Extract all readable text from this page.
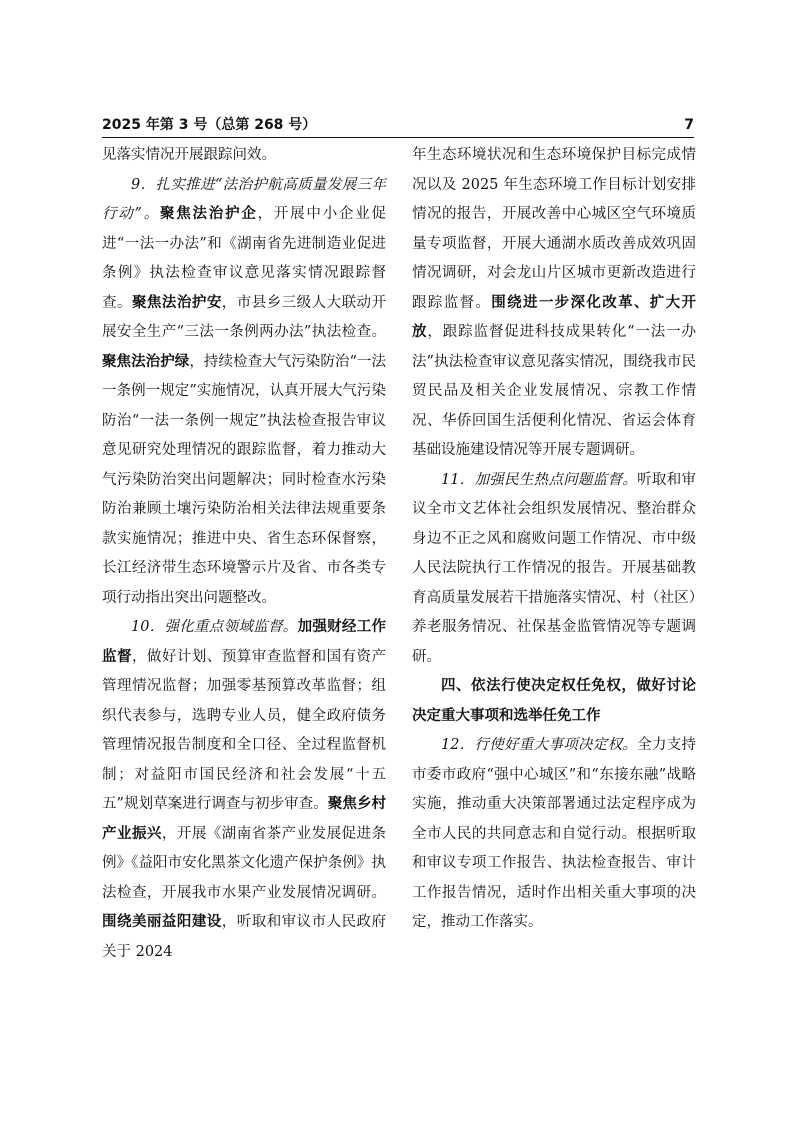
2025 年第 3 号（总第 268 号）	7

见落实情况开展跟踪问效。

9．扎实推进“法治护航高质量发展三年行动”。聚焦法治护企，开展中小企业促进“一法一办法”和《湖南省先进制造业促进条例》执法检查审议意见落实情况跟踪督查。聚焦法治护安，市县乡三级人大联动开展安全生产“三法一条例两办法”执法检查。聚焦法治护绿，持续检查大气污染防治“一法一条例一规定”实施情况，认真开展大气污染防治“一法一条例一规定”执法检查报告审议意见研究处理情况的跟踪监督，着力推动大气污染防治突出问题解决；同时检查水污染防治兼顾土壤污染防治相关法律法规重要条款实施情况；推进中央、省生态环保督察，长江经济带生态环境警示片及省、市各类专项行动指出突出问题整改。

10．强化重点领域监督。加强财经工作监督，做好计划、预算审查监督和国有资产管理情况监督；加强零基预算改革监督；组织代表参与，选聘专业人员，健全政府债务管理情况报告制度和全口径、全过程监督机制；对益阳市国民经济和社会发展“十五五”规划草案进行调查与初步审查。聚焦乡村产业振兴，开展《湖南省茶产业发展促进条例》《益阳市安化黑茶文化遗产保护条例》执法检查，开展我市水果产业发展情况调研。围绕美丽益阳建设，听取和审议市人民政府关于 2024

年生态环境状况和生态环境保护目标完成情况以及 2025 年生态环境工作目标计划安排情况的报告，开展改善中心城区空气环境质量专项监督，开展大通湖水质改善成效巩固情况调研，对会龙山片区城市更新改造进行跟踪监督。围绕进一步深化改革、扩大开放，跟踪监督促进科技成果转化“一法一办法”执法检查审议意见落实情况，围绕我市民贸民品及相关企业发展情况、宗教工作情况、华侨回国生活便利化情况、省运会体育基础设施建设情况等开展专题调研。

11．加强民生热点问题监督。听取和审议全市文艺体社会组织发展情况、整治群众身边不正之风和腐败问题工作情况、市中级人民法院执行工作情况的报告。开展基础教育高质量发展若干措施落实情况、村（社区）养老服务情况、社保基金监管情况等专题调研。

四、依法行使决定权任免权，做好讨论决定重大事项和选举任免工作

12．行使好重大事项决定权。全力支持市委市政府“强中心城区”和“东接东融”战略实施，推动重大决策部署通过法定程序成为全市人民的共同意志和自觉行动。根据听取和审议专项工作报告、执法检查报告、审计工作报告情况，适时作出相关重大事项的决定，推动工作落实。
